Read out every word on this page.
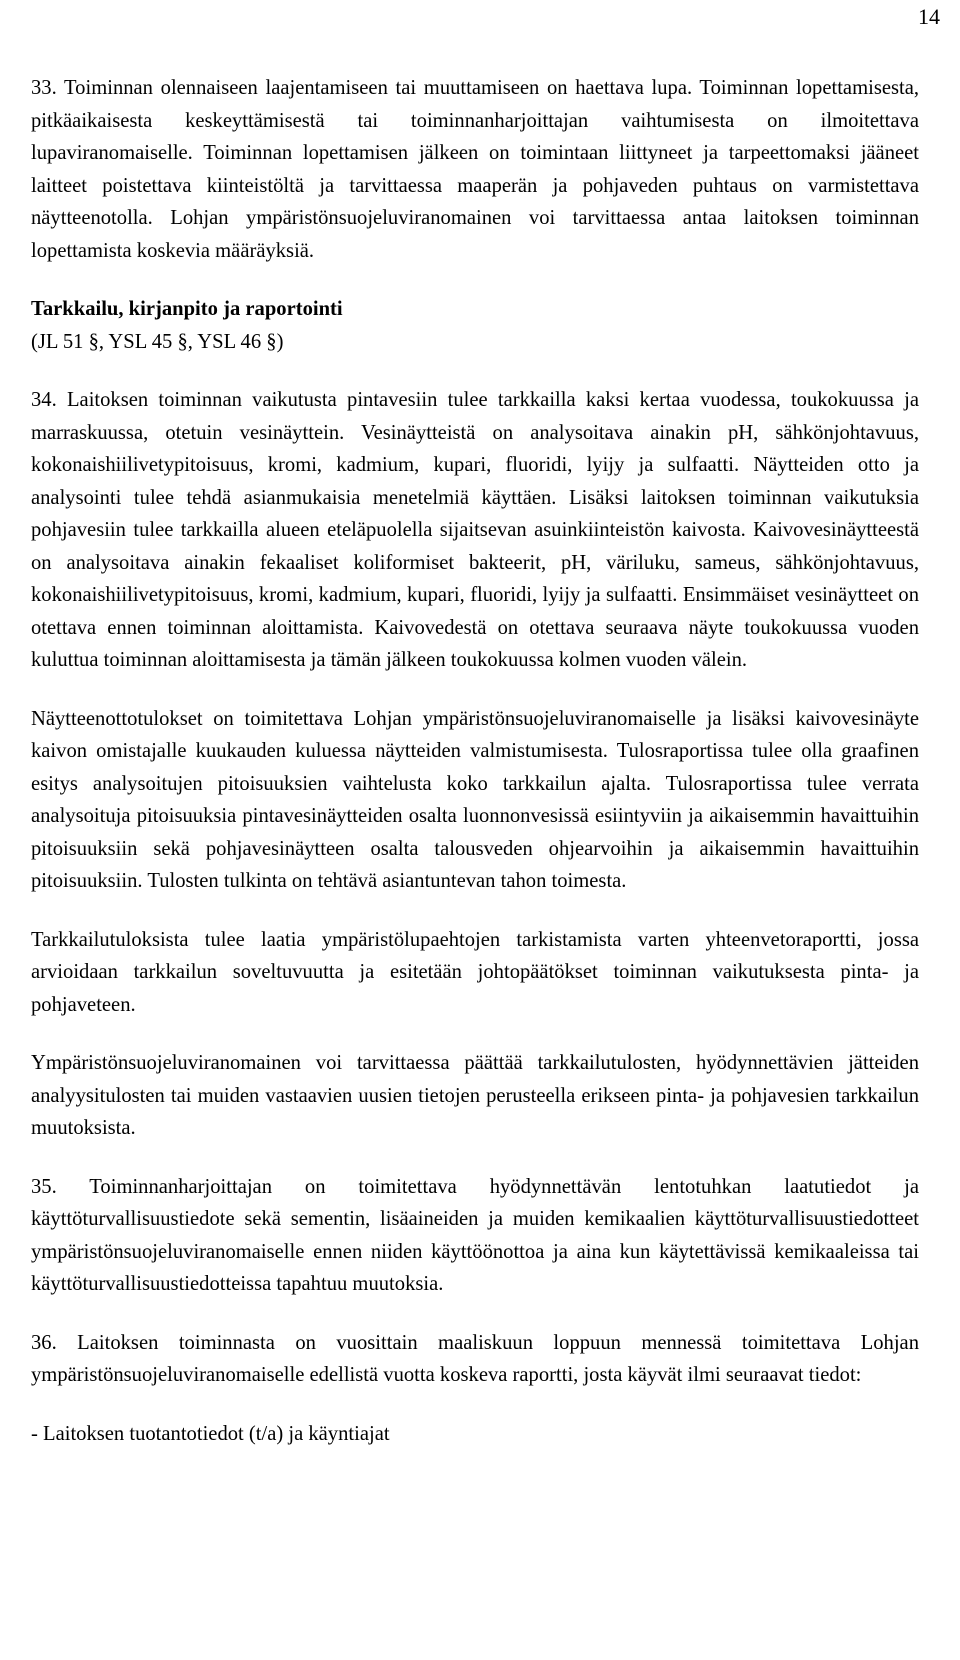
14

33. Toiminnan olennaiseen laajentamiseen tai muuttamiseen on haettava lupa. Toiminnan lopettamisesta, pitkäaikaisesta keskeyttämisestä tai toiminnanharjoittajan vaihtumisesta on ilmoitettava lupaviranomaiselle. Toiminnan lopettamisen jälkeen on toimintaan liittyneet ja tarpeettomaksi jääneet laitteet poistettava kiinteistöltä ja tarvittaessa maaperän ja pohjaveden puhtaus on varmistettava näytteenotolla. Lohjan ympäristönsuojeluviranomainen voi tarvittaessa antaa laitoksen toiminnan lopettamista koskevia määräyksiä.

Tarkkailu, kirjanpito ja raportointi

(JL 51 §, YSL 45 §, YSL 46 §)

34. Laitoksen toiminnan vaikutusta pintavesiin tulee tarkkailla kaksi kertaa vuodessa, toukokuussa ja marraskuussa, otetuin vesinäyttein. Vesinäytteistä on analysoitava ainakin pH, sähkönjohtavuus, kokonaishiilivetypitoisuus, kromi, kadmium, kupari, fluoridi, lyijy ja sulfaatti. Näytteiden otto ja analysointi tulee tehdä asianmukaisia menetelmiä käyttäen. Lisäksi laitoksen toiminnan vaikutuksia pohjavesiin tulee tarkkailla alueen eteläpuolella sijaitsevan asuinkiinteistön kaivosta. Kaivovesinäytteestä on analysoitava ainakin fekaaliset koliformiset bakteerit, pH, väriluku, sameus, sähkönjohtavuus, kokonaishiilivetypitoisuus, kromi, kadmium, kupari, fluoridi, lyijy ja sulfaatti. Ensimmäiset vesinäytteet on otettava ennen toiminnan aloittamista. Kaivovedestä on otettava seuraava näyte toukokuussa vuoden kuluttua toiminnan aloittamisesta ja tämän jälkeen toukokuussa kolmen vuoden välein.

Näytteenottotulokset on toimitettava Lohjan ympäristönsuojeluviranomaiselle ja lisäksi kaivovesinäyte kaivon omistajalle kuukauden kuluessa näytteiden valmistumisesta. Tulosraportissa tulee olla graafinen esitys analysoitujen pitoisuuksien vaihtelusta koko tarkkailun ajalta. Tulosraportissa tulee verrata analysoituja pitoisuuksia pintavesinäytteiden osalta luonnonvesissä esiintyviin ja aikaisemmin havaittuihin pitoisuuksiin sekä pohjavesinäytteen osalta talousveden ohjearvoihin ja aikaisemmin havaittuihin pitoisuuksiin. Tulosten tulkinta on tehtävä asiantuntevan tahon toimesta.

Tarkkailutuloksista tulee laatia ympäristölupaehtojen tarkistamista varten yhteenvetoraportti, jossa arvioidaan tarkkailun soveltuvuutta ja esitetään johtopäätökset toiminnan vaikutuksesta pinta- ja pohjaveteen.

Ympäristönsuojeluviranomainen voi tarvittaessa päättää tarkkailutulosten, hyödynnettävien jätteiden analyysitulosten tai muiden vastaavien uusien tietojen perusteella erikseen pinta- ja pohjavesien tarkkailun muutoksista.

35. Toiminnanharjoittajan on toimitettava hyödynnettävän lentotuhkan laatutiedot ja käyttöturvallisuustiedote sekä sementin, lisäaineiden ja muiden kemikaalien käyttöturvallisuustiedotteet ympäristönsuojeluviranomaiselle ennen niiden käyttöönottoa ja aina kun käytettävissä kemikaaleissa tai käyttöturvallisuustiedotteissa tapahtuu muutoksia.

36. Laitoksen toiminnasta on vuosittain maaliskuun loppuun mennessä toimitettava Lohjan ympäristönsuojeluviranomaiselle edellistä vuotta koskeva raportti, josta käyvät ilmi seuraavat tiedot:

- Laitoksen tuotantotiedot (t/a) ja käyntiajat
